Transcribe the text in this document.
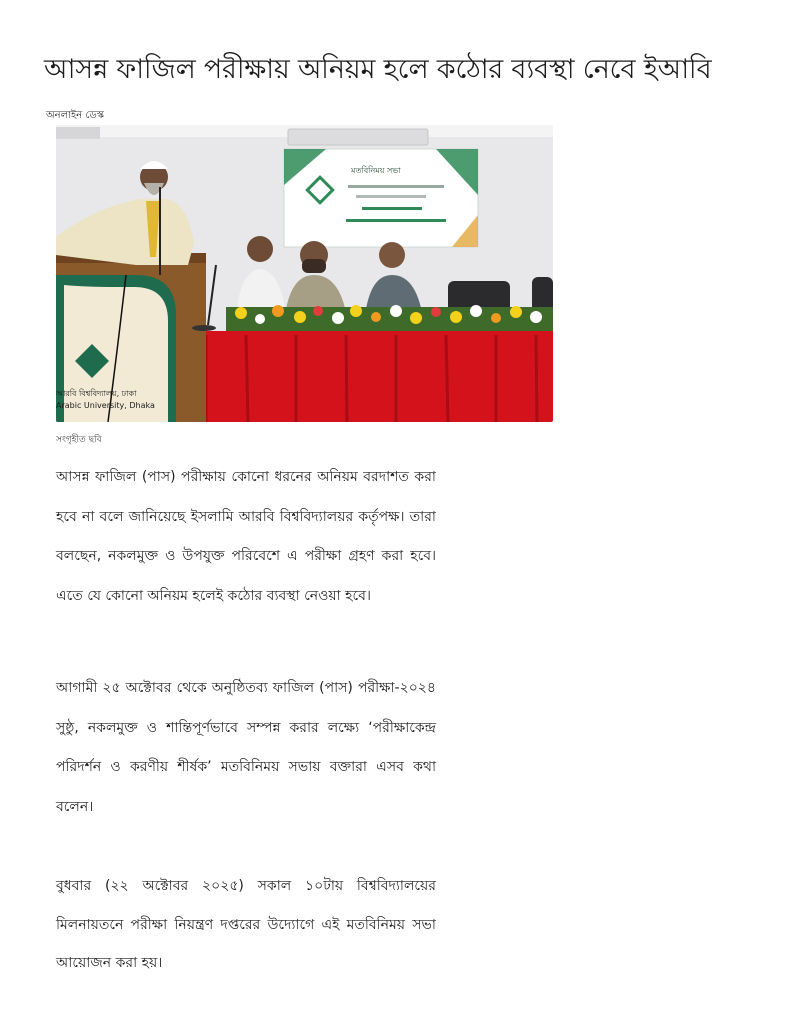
আসন্ন ফাজিল পরীক্ষায় অনিয়ম হলে কঠোর ব্যবস্থা নেবে ইআবি

অনলাইন ডেস্ক

মতবিনিময় সভা
আরবি বিশ্ববিদ্যালয়, ঢাকা
Arabic University, Dhaka

সংগৃহীত ছবি

আসন্ন ফাজিল (পাস) পরীক্ষায় কোনো ধরনের অনিয়ম বরদাশত করা হবে না বলে জানিয়েছে ইসলামি আরবি বিশ্ববিদ্যালয়র কর্তৃপক্ষ। তারা বলছেন, নকলমুক্ত ও উপযুক্ত পরিবেশে এ পরীক্ষা গ্রহণ করা হবে। এতে যে কোনো অনিয়ম হলেই কঠোর ব্যবস্থা নেওয়া হবে।

আগামী ২৫ অক্টোবর থেকে অনুষ্ঠিতব্য ফাজিল (পাস) পরীক্ষা-২০২৪ সুষ্ঠু, নকলমুক্ত ও শান্তিপূর্ণভাবে সম্পন্ন করার লক্ষ্যে ‘পরীক্ষাকেন্দ্র পরিদর্শন ও করণীয় শীর্ষক’ মতবিনিময় সভায় বক্তারা এসব কথা বলেন।

বুধবার (২২ অক্টোবর ২০২৫) সকাল ১০টায় বিশ্ববিদ্যালয়ের মিলনায়তনে পরীক্ষা নিয়ন্ত্রণ দপ্তরের উদ্যোগে এই মতবিনিময় সভা আয়োজন করা হয়।
